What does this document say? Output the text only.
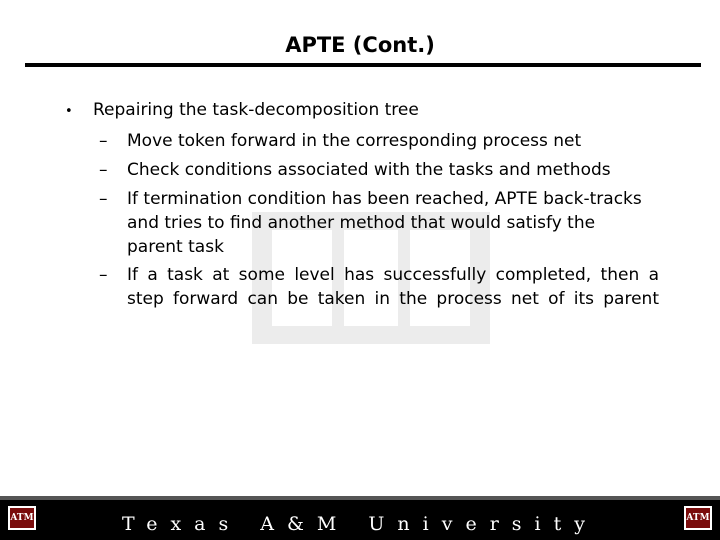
APTE (Cont.)
• Repairing the task-decomposition tree
– Move token forward in the corresponding process net
– Check conditions associated with the tasks and methods
– If termination condition has been reached, APTE back-tracks
and tries to find another method that would satisfy the
parent task
– If a task at some level has successfully completed, then a
step forward can be taken in the process net of its parent
ATM	ATM
Texas A&M University
